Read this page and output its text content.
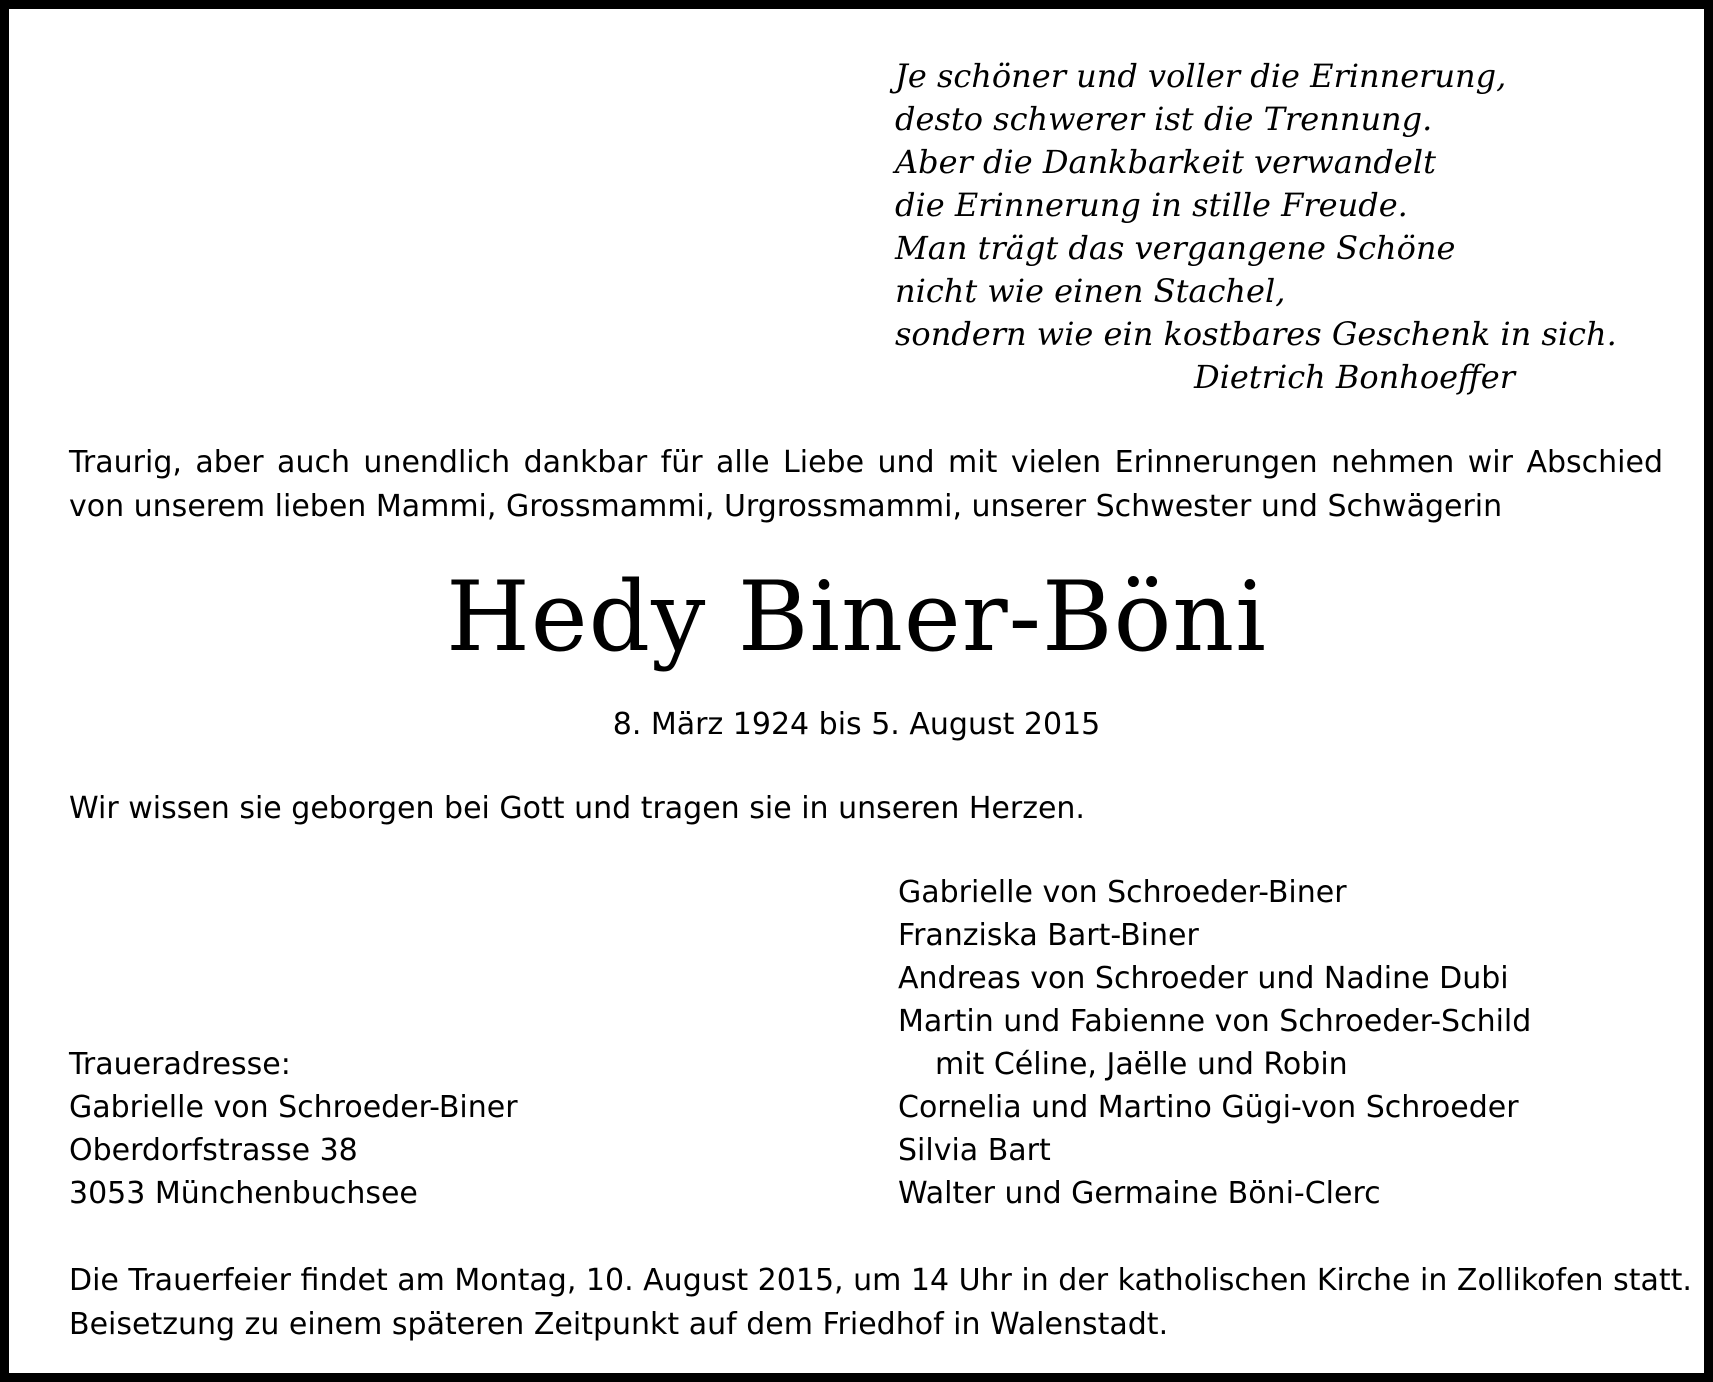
Je schöner und voller die Erinnerung,
desto schwerer ist die Trennung.
Aber die Dankbarkeit verwandelt
die Erinnerung in stille Freude.
Man trägt das vergangene Schöne
nicht wie einen Stachel,
sondern wie ein kostbares Geschenk in sich.
Dietrich Bonhoeffer
Traurig, aber auch unendlich dankbar für alle Liebe und mit vielen Erinnerungen nehmen wir Abschied
von unserem lieben Mammi, Grossmammi, Urgrossmammi, unserer Schwester und Schwägerin
Hedy Biner-Böni
8. März 1924 bis 5. August 2015
Wir wissen sie geborgen bei Gott und tragen sie in unseren Herzen.
Gabrielle von Schroeder-Biner
Franziska Bart-Biner
Andreas von Schroeder und Nadine Dubi
Martin und Fabienne von Schroeder-Schild
mit Céline, Jaëlle und Robin
Cornelia und Martino Gügi-von Schroeder
Silvia Bart
Walter und Germaine Böni-Clerc
Traueradresse:
Gabrielle von Schroeder-Biner
Oberdorfstrasse 38
3053 Münchenbuchsee
Die Trauerfeier findet am Montag, 10. August 2015, um 14 Uhr in der katholischen Kirche in Zollikofen statt.
Beisetzung zu einem späteren Zeitpunkt auf dem Friedhof in Walenstadt.
